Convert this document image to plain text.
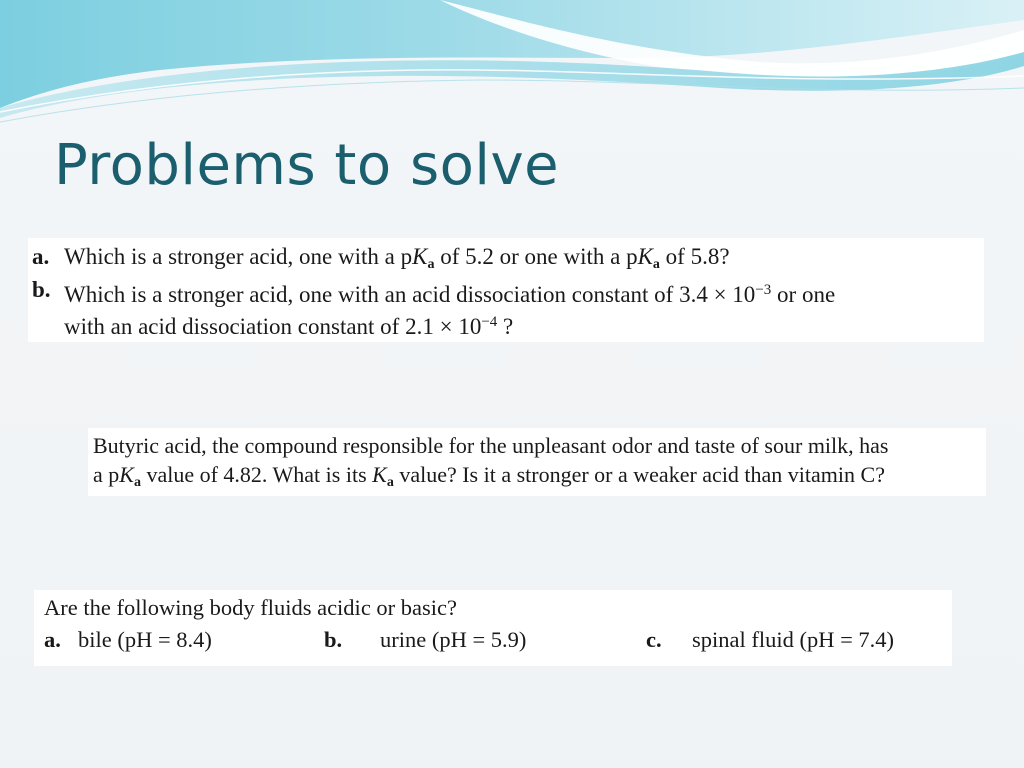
Problems to solve
a. Which is a stronger acid, one with a $pK_a$ of 5.2 or one with a $pK_a$ of 5.8?
b. Which is a stronger acid, one with an acid dissociation constant of $3.4 \times 10^{-3}$ or one
with an acid dissociation constant of $2.1 \times 10^{-4}$ ?
Butyric acid, the compound responsible for the unpleasant odor and taste of sour milk, has
a $pK_a$ value of 4.82. What is its $K_a$ value? Is it a stronger or a weaker acid than vitamin C?
Are the following body fluids acidic or basic?
a. bile (pH = 8.4)	b. urine (pH = 5.9)	c. spinal fluid (pH = 7.4)
